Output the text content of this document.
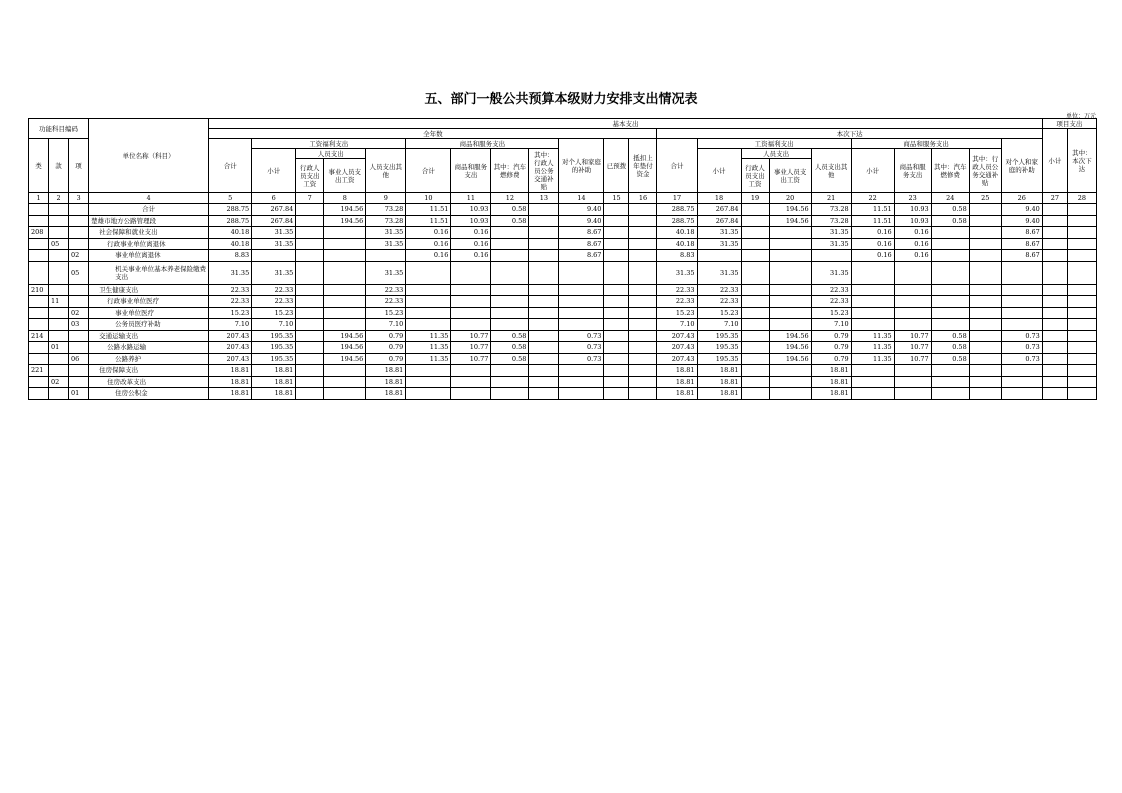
五、部门一般公共预算本级财力安排支出情况表
单位：万元
功能科目编码			单位名称（科目）	基本支出																						项目支出	
				全年数												本次下达										小计	其中：本次下达
类	款	项		合计	工资福利支出				商品和服务支出				对个人和家庭的补助	已预拨	抵扣上年垫付资金	合计	工资福利支出				商品和服务支出				对个人和家庭的补助		
					小计	人员支出		人员支出其他	合计	商品和服务支出	其中：汽车燃修费	其中：行政人员公务交通补贴					小计	人员支出		人员支出其他	小计	商品和服务支出	其中：汽车燃修费	其中：行政人员公务交通补贴			
						行政人员支出工资	事业人员支出工资											行政人员支出工资	事业人员支出工资								
1	2	3	4	5	6	7	8	9	10	11	12	13	14	15	16	17	18	19	20	21	22	23	24	25	26	27	28
			合计	288.75	267.84		194.56	73.28	11.51	10.93	0.58		9.40			288.75	267.84		194.56	73.28	11.51	10.93	0.58		9.40		
			楚雄市地方公路管理段	288.75	267.84		194.56	73.28	11.51	10.93	0.58		9.40			288.75	267.84		194.56	73.28	11.51	10.93	0.58		9.40		
208			社会保障和就业支出	40.18	31.35			31.35	0.16	0.16			8.67			40.18	31.35			31.35	0.16	0.16			8.67		
	05		行政事业单位离退休	40.18	31.35			31.35	0.16	0.16			8.67			40.18	31.35			31.35	0.16	0.16			8.67		
		02	事业单位离退休	8.83					0.16	0.16			8.67			8.83					0.16	0.16			8.67		
		05	机关事业单位基本养老保险缴费支出	31.35	31.35			31.35								31.35	31.35			31.35							
210			卫生健康支出	22.33	22.33			22.33								22.33	22.33			22.33							
	11		行政事业单位医疗	22.33	22.33			22.33								22.33	22.33			22.33							
		02	事业单位医疗	15.23	15.23			15.23								15.23	15.23			15.23							
		03	公务员医疗补助	7.10	7.10			7.10								7.10	7.10			7.10							
214			交通运输支出	207.43	195.35		194.56	0.79	11.35	10.77	0.58		0.73			207.43	195.35		194.56	0.79	11.35	10.77	0.58		0.73		
	01		公路水路运输	207.43	195.35		194.56	0.79	11.35	10.77	0.58		0.73			207.43	195.35		194.56	0.79	11.35	10.77	0.58		0.73		
		06	公路养护	207.43	195.35		194.56	0.79	11.35	10.77	0.58		0.73			207.43	195.35		194.56	0.79	11.35	10.77	0.58		0.73		
221			住房保障支出	18.81	18.81			18.81								18.81	18.81			18.81							
	02		住房改革支出	18.81	18.81			18.81								18.81	18.81			18.81							
		01	住房公积金	18.81	18.81			18.81								18.81	18.81			18.81							
